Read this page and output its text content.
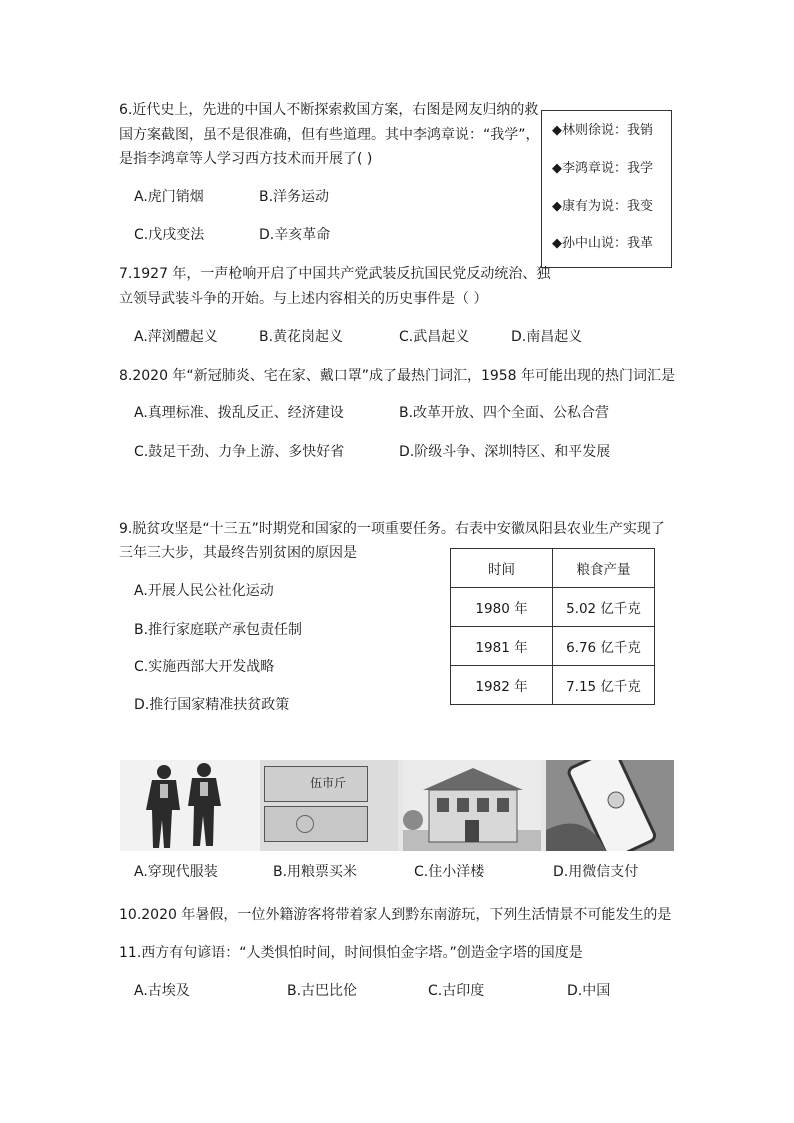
6.近代史上，先进的中国人不断探索救国方案，右图是网友归纳的救
国方案截图，虽不是很准确，但有些道理。其中李鸿章说：“我学”，
是指李鸿章等人学习西方技术而开展了( )
A.虎门销烟	B.洋务运动
C.戊戌变法	D.辛亥革命
◆林则徐说：我销
◆李鸿章说：我学
◆康有为说：我变
◆孙中山说：我革
7.1927 年，一声枪响开启了中国共产党武装反抗国民党反动统治、独
立领导武装斗争的开始。与上述内容相关的历史事件是（ ）
A.萍浏醴起义	B.黄花岗起义	C.武昌起义	D.南昌起义
8.2020 年“新冠肺炎、宅在家、戴口罩”成了最热门词汇，1958 年可能出现的热门词汇是
A.真理标准、拨乱反正、经济建设	B.改革开放、四个全面、公私合营
C.鼓足干劲、力争上游、多快好省	D.阶级斗争、深圳特区、和平发展
9.脱贫攻坚是“十三五”时期党和国家的一项重要任务。右表中安徽凤阳县农业生产实现了
三年三大步，其最终告别贫困的原因是
A.开展人民公社化运动
B.推行家庭联产承包责任制
C.实施西部大开发战略
D.推行国家精准扶贫政策
时间	粮食产量
1980 年	5.02 亿千克
1981 年	6.76 亿千克
1982 年	7.15 亿千克
伍市斤
A.穿现代服装	B.用粮票买米	C.住小洋楼	D.用微信支付
10.2020 年暑假，一位外籍游客将带着家人到黔东南游玩，下列生活情景不可能发生的是
11.西方有句谚语：“人类惧怕时间，时间惧怕金字塔。”创造金字塔的国度是
A.古埃及	B.古巴比伦	C.古印度	D.中国
